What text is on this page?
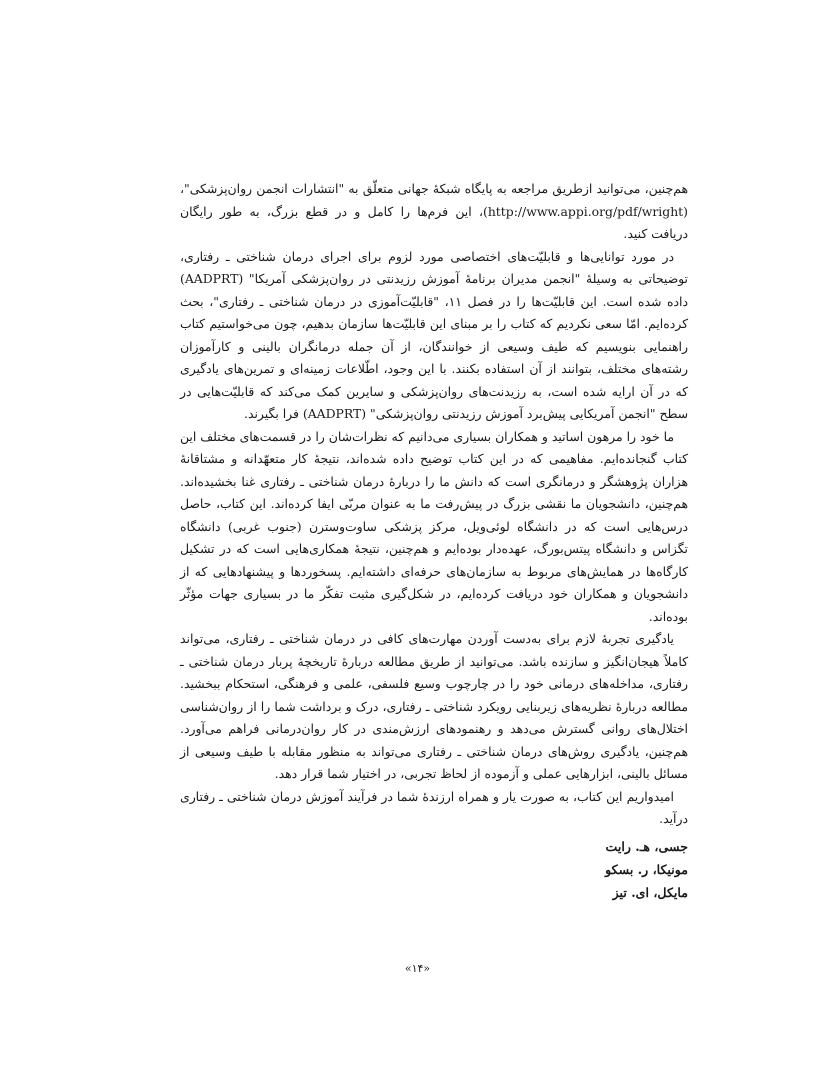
هم‌چنین، می‌توانید ازطریق مراجعه به پایگاه شبکهٔ جهانی متعلّق به "انتشارات انجمن روان‌پزشکی"، (http://www.appi.org/pdf/wright)، این فرم‌ها را کامل و در قطع بزرگ، به طور رایگان دریافت کنید.

در مورد توانایی‌ها و قابلیّت‌های اختصاصی مورد لزوم برای اجرای درمان شناختی ـ رفتاری، توضیحاتی به وسیلهٔ "انجمن مدیران برنامهٔ آموزش رزیدنتی در روان‌پزشکی آمریکا" (AADPRT) داده شده است. این قابلیّت‌ها را در فصل ۱۱، "قابلیّت‌آموزی در درمان شناختی ـ رفتاری"، بحث کرده‌ایم. امّا سعی نکردیم که کتاب را بر مبنای این قابلیّت‌ها سازمان بدهیم، چون می‌خواستیم کتاب راهنمایی بنویسیم که طیف وسیعی از خوانندگان، از آن جمله درمانگران بالینی و کارآموزان رشته‌های مختلف، بتوانند از آن استفاده بکنند. با این وجود، اطّلاعات زمینه‌ای و تمرین‌های یادگیری که در آن ارایه شده است، به رزیدنت‌های روان‌پزشکی و سایرین کمک می‌کند که قابلیّت‌هایی در سطح "انجمن آمریکایی پیش‌برد آموزش رزیدنتی روان‌پزشکی" (AADPRT) فرا بگیرند.

ما خود را مرهون اساتید و همکاران بسیاری می‌دانیم که نظرات‌شان را در قسمت‌های مختلف این کتاب گنجانده‌ایم. مفاهیمی که در این کتاب توضیح داده شده‌اند، نتیجهٔ کار متعهّدانه و مشتاقانهٔ هزاران پژوهشگر و درمانگری است که دانش ما را دربارهٔ درمان شناختی ـ رفتاری غنا بخشیده‌اند. هم‌چنین، دانشجویان ما نقشی بزرگ در پیش‌رفت ما به عنوان مربّی ایفا کرده‌اند. این کتاب، حاصل درس‌هایی است که در دانشگاه لوئی‌ویل، مرکز پزشکی ساوت‌وسترن (جنوب غربی) دانشگاه تگزاس و دانشگاه پیتس‌بورگ، عهده‌دار بوده‌ایم و هم‌چنین، نتیجهٔ همکاری‌هایی است که در تشکیل کارگاه‌ها در همایش‌های مربوط به سازمان‌های حرفه‌ای داشته‌ایم. پسخوردها و پیشنهادهایی که از دانشجویان و همکاران خود دریافت کرده‌ایم، در شکل‌گیری مثبت تفکّر ما در بسیاری جهات مؤثّر بوده‌اند.

یادگیری تجربهٔ لازم برای به‌دست آوردن مهارت‌های کافی در درمان شناختی ـ رفتاری، می‌تواند کاملاً هیجان‌انگیز و سازنده باشد. می‌توانید از طریق مطالعه دربارهٔ تاریخچهٔ پربار درمان شناختی ـ رفتاری، مداخله‌های درمانی خود را در چارچوب وسیع فلسفی، علمی و فرهنگی، استحکام ببخشید. مطالعه دربارهٔ نظریه‌های زیربنایی رویکرد شناختی ـ رفتاری، درک و برداشت شما را از روان‌شناسی اختلال‌های روانی گسترش می‌دهد و رهنمودهای ارزش‌مندی در کار روان‌درمانی فراهم می‌آورد. هم‌چنین، یادگیری روش‌های درمان شناختی ـ رفتاری می‌تواند به منظور مقابله با طیف وسیعی از مسائل بالینی، ابزارهایی عملی و آزموده از لحاظ تجربی، در اختیار شما قرار دهد.

امیدواریم این کتاب، به صورت یار و همراه ارزندهٔ شما در فرآیند آموزش درمان شناختی ـ رفتاری درآید.

جسی، هـ. رایت
مونیکا، ر. بسکو
مایکل، ای. تیز
«۱۴»
